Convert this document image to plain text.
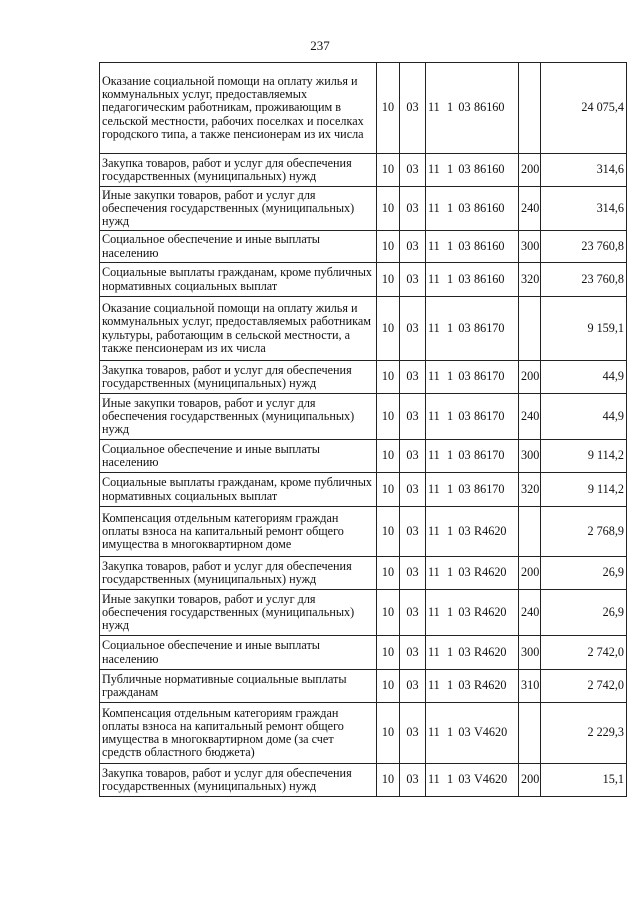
237
Оказание социальной помощи на оплату жилья и коммунальных услуг, предоставляемых педагогическим работникам, проживающим в сельской местности, рабочих поселках и поселках городского типа, а также пенсионерам из их числа	10	03	11 1 03 86160		24 075,4
Закупка товаров, работ и услуг для обеспечения государственных (муниципальных) нужд	10	03	11 1 03 86160	200	314,6
Иные закупки товаров, работ и услуг для обеспечения государственных (муниципальных) нужд	10	03	11 1 03 86160	240	314,6
Социальное обеспечение и иные выплаты населению	10	03	11 1 03 86160	300	23 760,8
Социальные выплаты гражданам, кроме публичных нормативных социальных выплат	10	03	11 1 03 86160	320	23 760,8
Оказание социальной помощи на оплату жилья и коммунальных услуг, предоставляемых работникам культуры, работающим в сельской местности, а также пенсионерам из их числа	10	03	11 1 03 86170		9 159,1
Закупка товаров, работ и услуг для обеспечения государственных (муниципальных) нужд	10	03	11 1 03 86170	200	44,9
Иные закупки товаров, работ и услуг для обеспечения государственных (муниципальных) нужд	10	03	11 1 03 86170	240	44,9
Социальное обеспечение и иные выплаты населению	10	03	11 1 03 86170	300	9 114,2
Социальные выплаты гражданам, кроме публичных нормативных социальных выплат	10	03	11 1 03 86170	320	9 114,2
Компенсация отдельным категориям граждан оплаты взноса на капитальный ремонт общего имущества в многоквартирном доме	10	03	11 1 03 R4620		2 768,9
Закупка товаров, работ и услуг для обеспечения государственных (муниципальных) нужд	10	03	11 1 03 R4620	200	26,9
Иные закупки товаров, работ и услуг для обеспечения государственных (муниципальных) нужд	10	03	11 1 03 R4620	240	26,9
Социальное обеспечение и иные выплаты населению	10	03	11 1 03 R4620	300	2 742,0
Публичные нормативные социальные выплаты гражданам	10	03	11 1 03 R4620	310	2 742,0
Компенсация отдельным категориям граждан оплаты взноса на капитальный ремонт общего имущества в многоквартирном доме (за счет средств областного бюджета)	10	03	11 1 03 V4620		2 229,3
Закупка товаров, работ и услуг для обеспечения государственных (муниципальных) нужд	10	03	11 1 03 V4620	200	15,1
